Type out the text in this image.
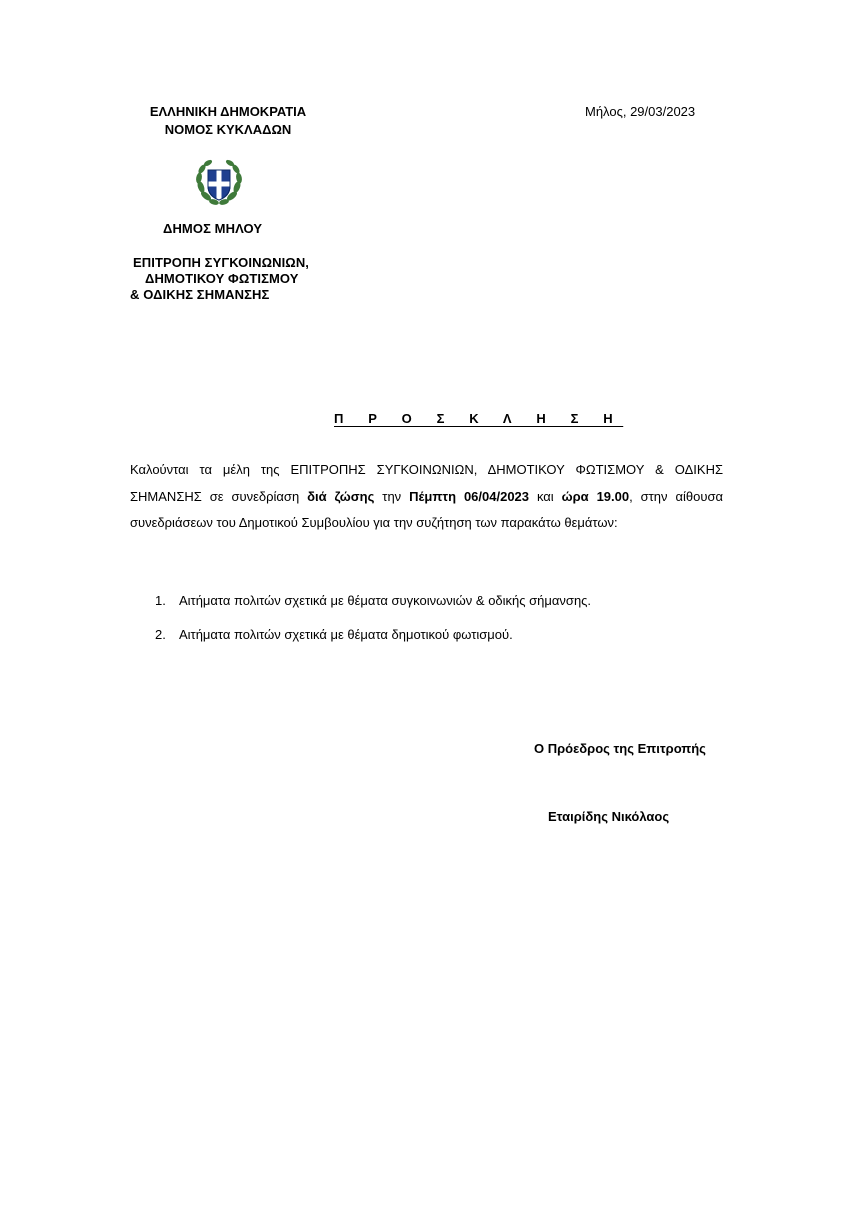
ΕΛΛΗΝΙΚΗ ΔΗΜΟΚΡΑΤΙΑ
ΝΟΜΟΣ ΚΥΚΛΑΔΩΝ
Μήλος, 29/03/2023
ΔΗΜΟΣ ΜΗΛΟΥ
ΕΠΙΤΡΟΠΗ ΣΥΓΚΟΙΝΩΝΙΩΝ,
ΔΗΜΟΤΙΚΟΥ ΦΩΤΙΣΜΟΥ
& ΟΔΙΚΗΣ ΣΗΜΑΝΣΗΣ
Π Ρ Ο Σ Κ Λ Η Σ Η
Καλούνται τα μέλη της ΕΠΙΤΡΟΠΗΣ ΣΥΓΚΟΙΝΩΝΙΩΝ, ΔΗΜΟΤΙΚΟΥ ΦΩΤΙΣΜΟΥ & ΟΔΙΚΗΣ ΣΗΜΑΝΣΗΣ σε συνεδρίαση διά ζώσης την Πέμπτη 06/04/2023 και ώρα 19.00, στην αίθουσα συνεδριάσεων του Δημοτικού Συμβουλίου για την συζήτηση των παρακάτω θεμάτων:
1. Αιτήματα πολιτών σχετικά με θέματα συγκοινωνιών & οδικής σήμανσης.
2. Αιτήματα πολιτών σχετικά με θέματα δημοτικού φωτισμού.
Ο Πρόεδρος της Επιτροπής
Εταιρίδης Νικόλαος
